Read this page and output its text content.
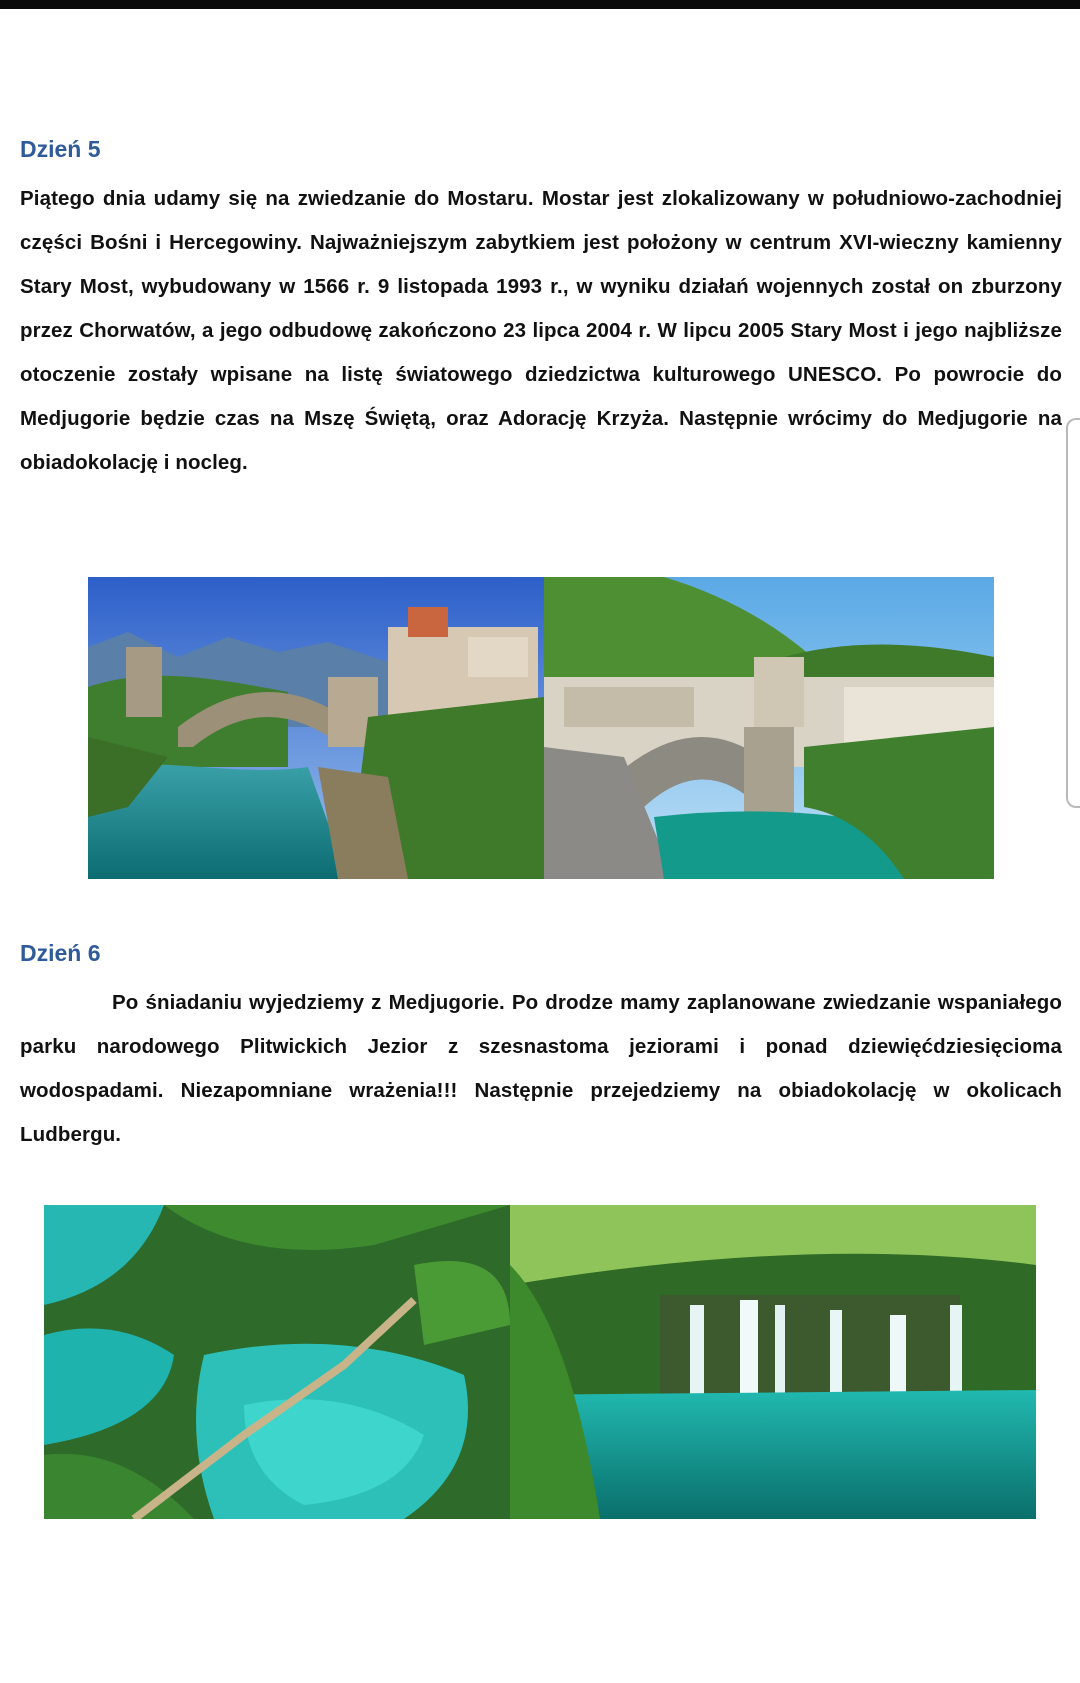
Dzień 5
Piątego dnia udamy się na zwiedzanie do Mostaru. Mostar jest zlokalizowany w południowo-zachodniej
części Bośni i Hercegowiny. Najważniejszym zabytkiem jest położony w centrum XVI-wieczny kamienny
Stary Most, wybudowany w 1566 r. 9 listopada 1993 r., w wyniku działań wojennych został on zburzony
przez Chorwatów, a jego odbudowę zakończono 23 lipca 2004 r. W lipcu 2005 Stary Most i jego najbliższe
otoczenie zostały wpisane na listę światowego dziedzictwa kulturowego UNESCO. Po powrocie do
Medjugorie będzie czas na Mszę Świętą, oraz Adorację Krzyża. Następnie wrócimy do Medjugorie na
obiadokolację i nocleg.
Dzień 6
Po śniadaniu wyjedziemy z Medjugorie. Po drodze mamy zaplanowane zwiedzanie wspaniałego
parku narodowego Plitwickich Jezior z szesnastoma jeziorami i ponad dziewięćdziesięcioma
wodospadami. Niezapomniane wrażenia!!! Następnie przejedziemy na obiadokolację w okolicach
Ludbergu.
